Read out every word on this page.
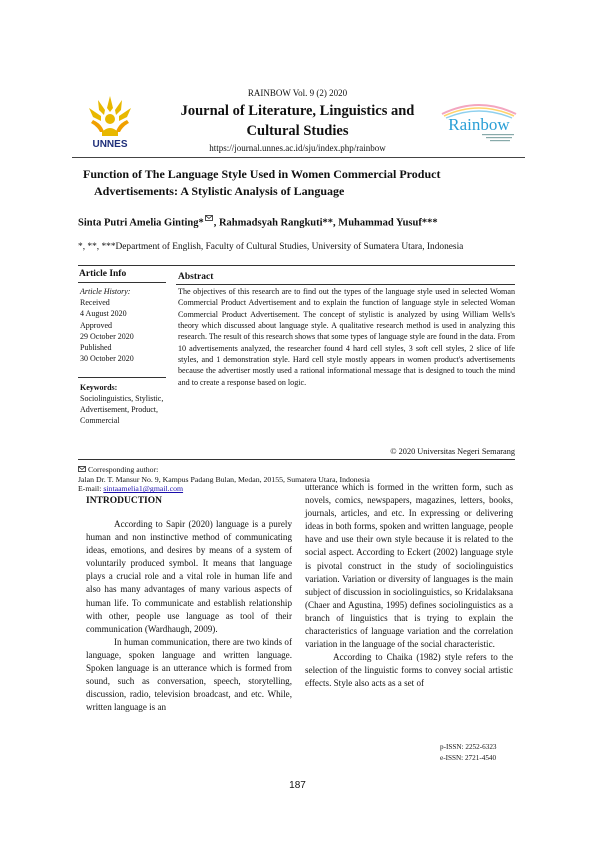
RAINBOW Vol. 9 (2) 2020
UNNES
Journal of Literature, Linguistics and
Cultural Studies
https://journal.unnes.ac.id/sju/index.php/rainbow
Rainbow
Function of The Language Style Used in Women Commercial Product
Advertisements: A Stylistic Analysis of Language
Sinta Putri Amelia Ginting* , Rahmadsyah Rangkuti**, Muhammad Yusuf***
*, **, ***Department of English, Faculty of Cultural Studies, University of Sumatera Utara, Indonesia
Article Info	Abstract
Article History:
Received
4 August 2020
Approved
29 October 2020
Published
30 October 2020
Keywords:
Sociolinguistics, Stylistic,
Advertisement, Product,
Commercial
The objectives of this research are to find out the types of the language style used in selected Woman Commercial Product Advertisement and to explain the function of language style in selected Woman Commercial Product Advertisement. The concept of stylistic is analyzed by using William Wells's theory which discussed about language style. A qualitative research method is used in analyzing this research. The result of this research shows that some types of language style are found in the data. From 10 advertisements analyzed, the researcher found 4 hard cell styles, 3 soft cell styles, 2 slice of life styles, and 1 demonstration style. Hard cell style mostly appears in women product's advertisements because the advertiser mostly used a rational informational message that is designed to touch the mind and to create a response based on logic.
© 2020 Universitas Negeri Semarang
Corresponding author:
Jalan Dr. T. Mansur No. 9, Kampus Padang Bulan, Medan, 20155, Sumatera Utara, Indonesia
E-mail: sintaamelia1@gmail.com
INTRODUCTION

According to Sapir (2020) language is a purely human and non instinctive method of communicating ideas, emotions, and desires by means of a system of voluntarily produced symbol. It means that language plays a crucial role and a vital role in human life and also has many advantages of many various aspects of human life. To communicate and establish relationship with other, people use language as tool of their communication (Wardhaugh, 2009).

In human communication, there are two kinds of language, spoken language and written language. Spoken language is an utterance which is formed from sound, such as conversation, speech, storytelling, discussion, radio, television broadcast, and etc. While, written language is an

utterance which is formed in the written form, such as novels, comics, newspapers, magazines, letters, books, journals, articles, and etc. In expressing or delivering ideas in both forms, spoken and written language, people have and use their own style because it is related to the social aspect. According to Eckert (2002) language style is pivotal construct in the study of sociolinguistics variation. Variation or diversity of languages is the main subject of discussion in sociolinguistics, so Kridalaksana (Chaer and Agustina, 1995) defines sociolinguistics as a branch of linguistics that is trying to explain the characteristics of language variation and the correlation variation in the language of the social characteristic.

According to Chaika (1982) style refers to the selection of the linguistic forms to convey social artistic effects. Style also acts as a set of

p-ISSN: 2252-6323
e-ISSN: 2721-4540
187
